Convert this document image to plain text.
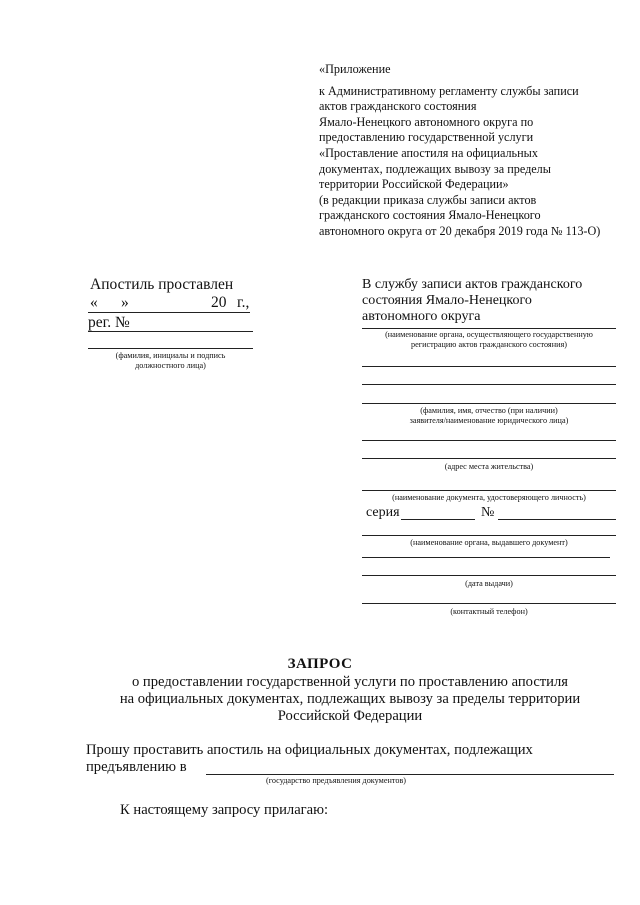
«Приложение
к Административному регламенту службы записи
актов гражданского состояния
Ямало-Ненецкого автономного округа по
предоставлению государственной услуги
«Проставление апостиля на официальных
документах, подлежащих вывозу за пределы
территории Российской Федерации»
(в редакции приказа службы записи актов
гражданского состояния Ямало-Ненецкого
автономного округа от 20 декабря 2019 года № 113-О)
Апостиль проставлен
« »	20 г.,
рег. №
(фамилия, инициалы и подпись
должностного лица)
В службу записи актов гражданского
состояния Ямало-Ненецкого
автономного округа
(наименование органа, осуществляющего государственную
регистрацию актов гражданского состояния)
(фамилия, имя, отчество (при наличии)
заявителя/наименование юридического лица)
(адрес места жительства)
(наименование документа, удостоверяющего личность)
серия	№
(наименование органа, выдавшего документ)
(дата выдачи)
(контактный телефон)
ЗАПРОС
о предоставлении государственной услуги по проставлению апостиля
на официальных документах, подлежащих вывозу за пределы территории
Российской Федерации
Прошу проставить апостиль на официальных документах, подлежащих
предъявлению в
(государство предъявления документов)
К настоящему запросу прилагаю:
